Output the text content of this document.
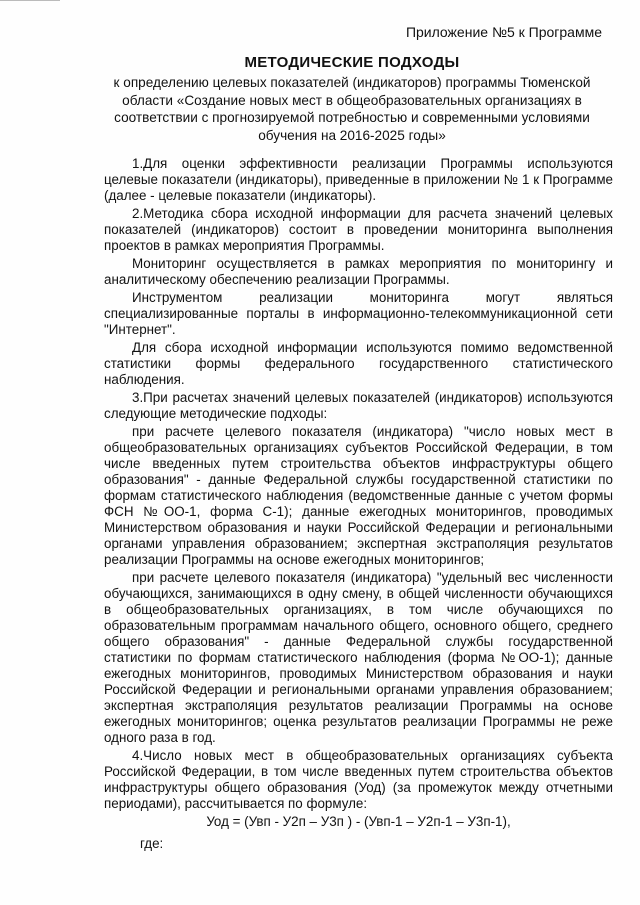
Приложение №5 к Программе
МЕТОДИЧЕСКИЕ ПОДХОДЫ
к определению целевых показателей (индикаторов) программы Тюменской области «Создание новых мест в общеобразовательных организациях в соответствии с прогнозируемой потребностью и современными условиями обучения на 2016-2025 годы»

1.Для оценки эффективности реализации Программы используются целевые показатели (индикаторы), приведенные в приложении № 1 к Программе (далее - целевые показатели (индикаторы).

2.Методика сбора исходной информации для расчета значений целевых показателей (индикаторов) состоит в проведении мониторинга выполнения проектов в рамках мероприятия Программы.

Мониторинг осуществляется в рамках мероприятия по мониторингу и аналитическому обеспечению реализации Программы.

Инструментом реализации мониторинга могут являться специализированные порталы в информационно-телекоммуникационной сети "Интернет".

Для сбора исходной информации используются помимо ведомственной статистики формы федерального государственного статистического наблюдения.

3.При расчетах значений целевых показателей (индикаторов) используются следующие методические подходы:

при расчете целевого показателя (индикатора) "число новых мест в общеобразовательных организациях субъектов Российской Федерации, в том числе введенных путем строительства объектов инфраструктуры общего образования" - данные Федеральной службы государственной статистики по формам статистического наблюдения (ведомственные данные с учетом формы ФСН №ОО-1, форма С-1); данные ежегодных мониторингов, проводимых Министерством образования и науки Российской Федерации и региональными органами управления образованием; экспертная экстраполяция результатов реализации Программы на основе ежегодных мониторингов;

при расчете целевого показателя (индикатора) "удельный вес численности обучающихся, занимающихся в одну смену, в общей численности обучающихся в общеобразовательных организациях, в том числе обучающихся по образовательным программам начального общего, основного общего, среднего общего образования" - данные Федеральной службы государственной статистики по формам статистического наблюдения (форма №ОО-1); данные ежегодных мониторингов, проводимых Министерством образования и науки Российской Федерации и региональными органами управления образованием; экспертная экстраполяция результатов реализации Программы на основе ежегодных мониторингов; оценка результатов реализации Программы не реже одного раза в год.

4.Число новых мест в общеобразовательных организациях субъекта Российской Федерации, в том числе введенных путем строительства объектов инфраструктуры общего образования (Уод) (за промежуток между отчетными периодами), рассчитывается по формуле:

Уод = (Увп - У2п – У3п ) - (Увп-1 – У2п-1 – У3п-1),
где:
